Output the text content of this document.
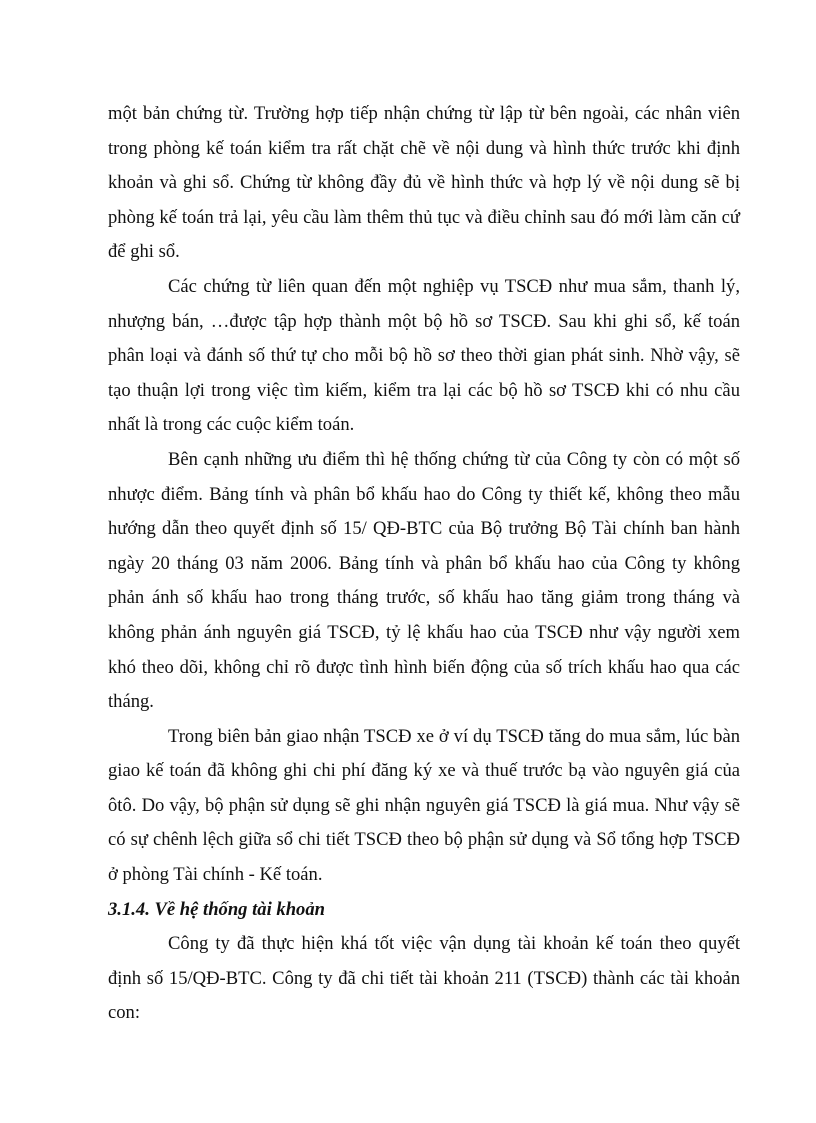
một bản chứng từ. Trường hợp tiếp nhận chứng từ lập từ bên ngoài, các nhân viên trong phòng kế toán kiểm tra rất chặt chẽ về nội dung và hình thức trước khi định khoản và ghi sổ. Chứng từ không đầy đủ về hình thức và hợp lý về nội dung sẽ bị phòng kế toán trả lại, yêu cầu làm thêm thủ tục và điều chỉnh sau đó mới làm căn cứ để ghi sổ.

Các chứng từ liên quan đến một nghiệp vụ TSCĐ như mua sắm, thanh lý, nhượng bán, …được tập hợp thành một bộ hồ sơ TSCĐ. Sau khi ghi sổ, kế toán phân loại và đánh số thứ tự cho mỗi bộ hồ sơ theo thời gian phát sinh. Nhờ vậy, sẽ tạo thuận lợi trong việc tìm kiếm, kiểm tra lại các bộ hồ sơ TSCĐ khi có nhu cầu nhất là trong các cuộc kiểm toán.

Bên cạnh những ưu điểm thì hệ thống chứng từ của Công ty còn có một số nhược điểm. Bảng tính và phân bổ khấu hao do Công ty thiết kế, không theo mẫu hướng dẫn theo quyết định số 15/ QĐ-BTC của Bộ trưởng Bộ Tài chính ban hành ngày 20 tháng 03 năm 2006. Bảng tính và phân bổ khấu hao của Công ty không phản ánh số khấu hao trong tháng trước, số khấu hao tăng giảm trong tháng và không phản ánh nguyên giá TSCĐ, tỷ lệ khấu hao của TSCĐ như vậy người xem khó theo dõi, không chỉ rõ được tình hình biến động của số trích khấu hao qua các tháng.

Trong biên bản giao nhận TSCĐ xe ở ví dụ TSCĐ tăng do mua sắm, lúc bàn giao kế toán đã không ghi chi phí đăng ký xe và thuế trước bạ vào nguyên giá của ôtô. Do vậy, bộ phận sử dụng sẽ ghi nhận nguyên giá TSCĐ là giá mua. Như vậy sẽ có sự chênh lệch giữa sổ chi tiết TSCĐ theo bộ phận sử dụng và Sổ tổng hợp TSCĐ ở phòng Tài chính - Kế toán.

3.1.4. Về hệ thống tài khoản

Công ty đã thực hiện khá tốt việc vận dụng tài khoản kế toán theo quyết định số 15/QĐ-BTC. Công ty đã chi tiết tài khoản 211 (TSCĐ) thành các tài khoản con:
